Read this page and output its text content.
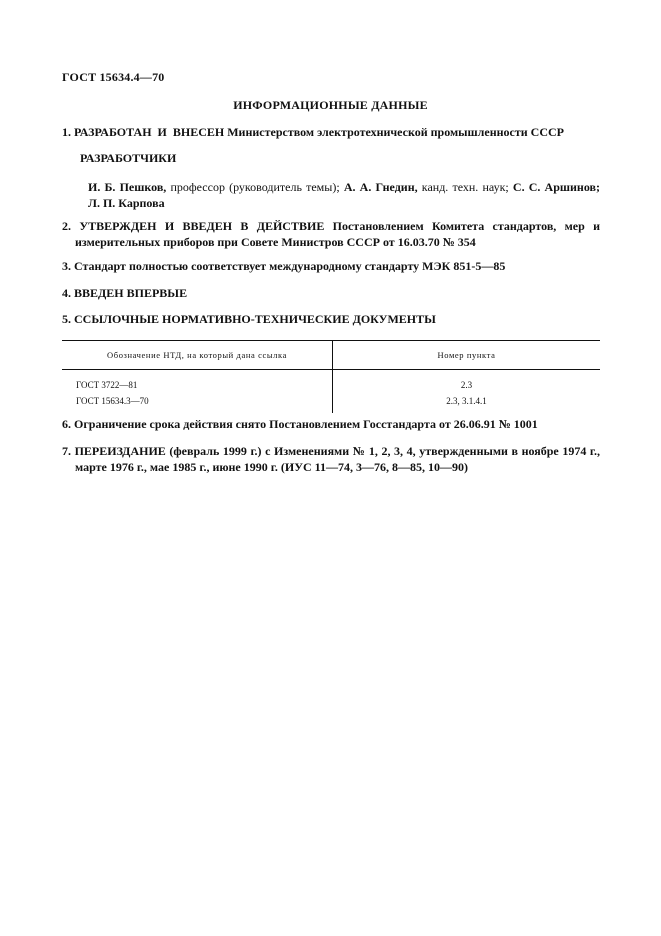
ГОСТ 15634.4—70
ИНФОРМАЦИОННЫЕ ДАННЫЕ
1. РАЗРАБОТАН  И  ВНЕСЕН Министерством электротехнической промышленности СССР
РАЗРАБОТЧИКИ
И. Б. Пешков, профессор (руководитель темы); А. А. Гнедин, канд. техн. наук; С. С. Аршинов;
Л. П. Карпова
2. УТВЕРЖДЕН И ВВЕДЕН В ДЕЙСТВИЕ Постановлением Комитета стандартов, мер и
измерительных приборов при Совете Министров СССР от 16.03.70 № 354
3. Стандарт полностью соответствует международному стандарту МЭК 851-5—85
4. ВВЕДЕН ВПЕРВЫЕ
5. ССЫЛОЧНЫЕ НОРМАТИВНО-ТЕХНИЧЕСКИЕ ДОКУМЕНТЫ
Обозначение НТД, на который дана ссылка	Номер пункта
ГОСТ 3722—81	2.3
ГОСТ 15634.3—70	2.3, 3.1.4.1
6. Ограничение срока действия снято Постановлением Госстандарта от 26.06.91 № 1001
7. ПЕРЕИЗДАНИЕ (февраль 1999 г.) с Изменениями № 1, 2, 3, 4, утвержденными в ноябре 1974 г.,
марте 1976 г., мае 1985 г., июне 1990 г. (ИУС 11—74, 3—76, 8—85, 10—90)
